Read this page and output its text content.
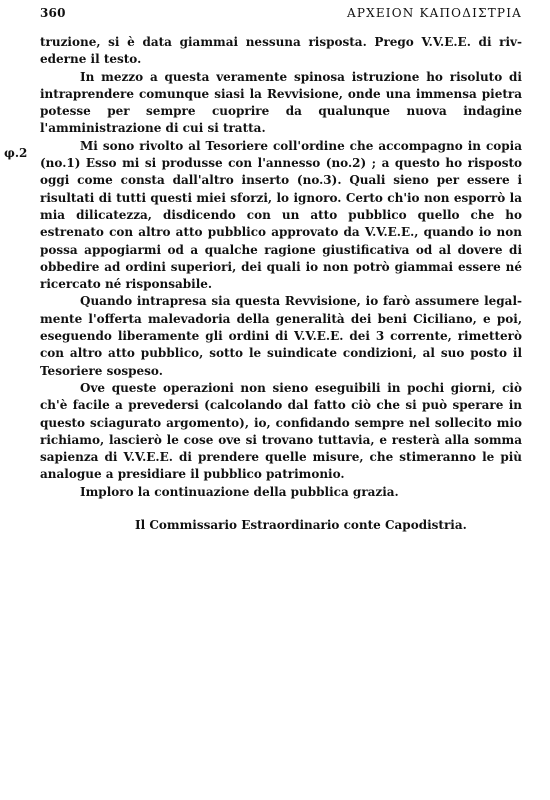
360	ΑΡΧΕΙΟΝ ΚΑΠΟΔΙΣΤΡΙΑ
φ.2

truzione, si è data giammai nessuna risposta. Prego V.V.E.E. di rivederne il testo.

In mezzo a questa veramente spinosa istruzione ho risoluto di intraprendere comunque siasi la Revvisione, onde una immensa pietra potesse per sempre cuoprire da qualunque nuova indagine l'amministrazione di cui si tratta.

Mi sono rivolto al Tesoriere coll'ordine che accompagno in copia (no.1) Esso mi si produsse con l'annesso (no.2) ; a questo ho risposto oggi come consta dall'altro inserto (no.3). Quali sieno per essere i risultati di tutti questi miei sforzi, lo ignoro. Certo ch'io non esporrò la mia dilicatezza, disdicendo con un atto pubblico quello che ho estrenato con altro atto pubblico approvato da V.V.E.E., quando io non possa appogiarmi od a qualche ragione giustificativa od al dovere di obbedire ad ordini superiori, dei quali io non potrò giammai essere né ricercato né risponsabile.

Quando intrapresa sia questa Revvisione, io farò assumere legalmente l'offerta malevadoria della generalità dei beni Ciciliano, e poi, eseguendo liberamente gli ordini di V.V.E.E. dei 3 corrente, rimetterò con altro atto pubblico, sotto le suindicate condizioni, al suo posto il Tesoriere sospeso.

Ove queste operazioni non sieno eseguibili in pochi giorni, ciò ch'è facile a prevedersi (calcolando dal fatto ciò che si può sperare in questo sciagurato argomento), io, confidando sempre nel sollecito mio richiamo, lascierò le cose ove si trovano tuttavia, e resterà alla somma sapienza di V.V.E.E. di prendere quelle misure, che stimeranno le più analogue a presidiare il pubblico patrimonio.

Imploro la continuazione della pubblica grazia.

Il Commissario Estraordinario conte Capodistria.
